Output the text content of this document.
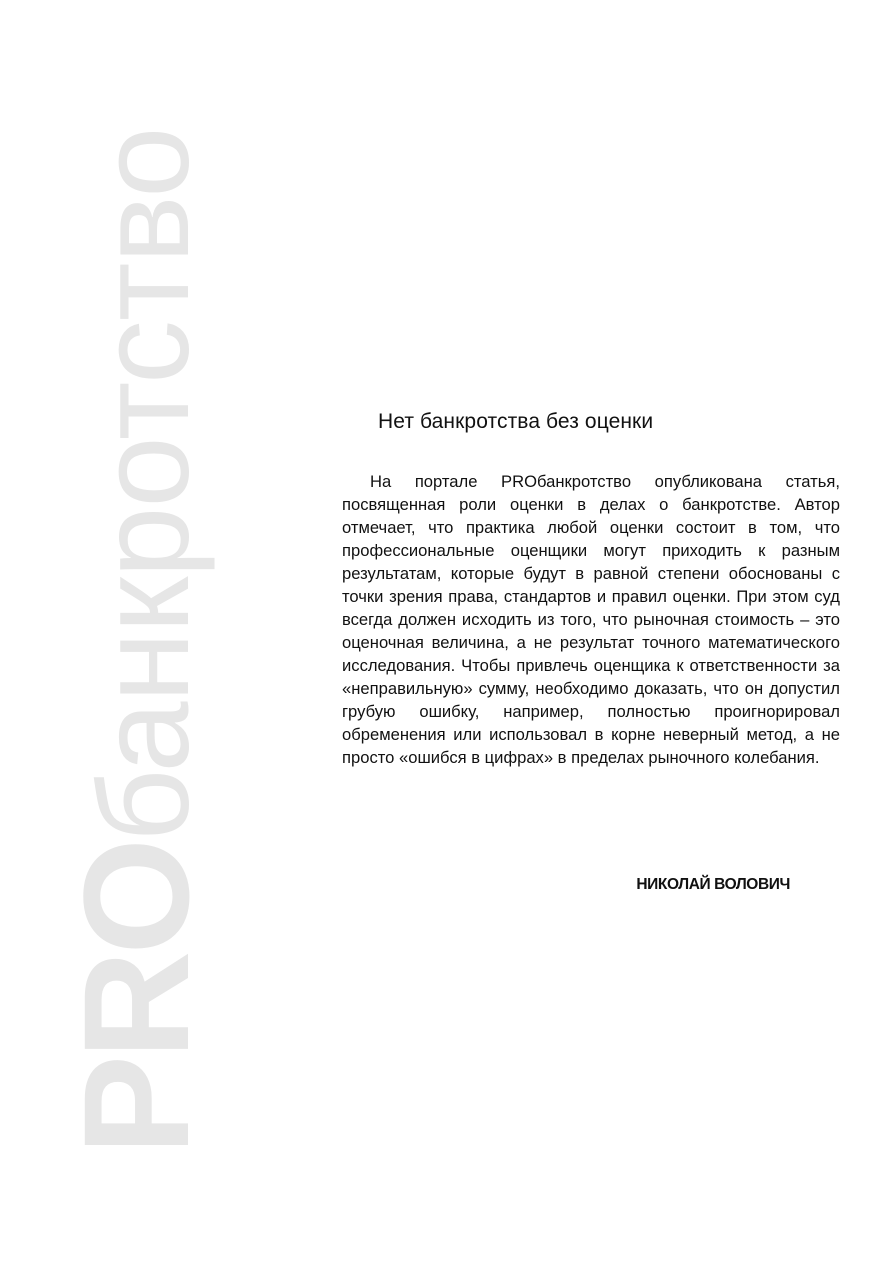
PROбанкротство	Нет банкротства без оценки

На портале PROбанкротство опубликована статья, посвященная роли оценки в делах о банкротстве. Автор отмечает, что практика любой оценки состоит в том, что профессиональные оценщики могут приходить к разным результатам, которые будут в равной степени обоснованы с точки зрения права, стандартов и правил оценки. При этом суд всегда должен исходить из того, что рыночная стоимость – это оценочная величина, а не результат точного математического исследования. Чтобы привлечь оценщика к ответственности за «неправильную» сумму, необходимо доказать, что он допустил грубую ошибку, например, полностью проигнорировал обременения или использовал в корне неверный метод, а не просто «ошибся в цифрах» в пределах рыночного колебания.

НИКОЛАЙ ВОЛОВИЧ
